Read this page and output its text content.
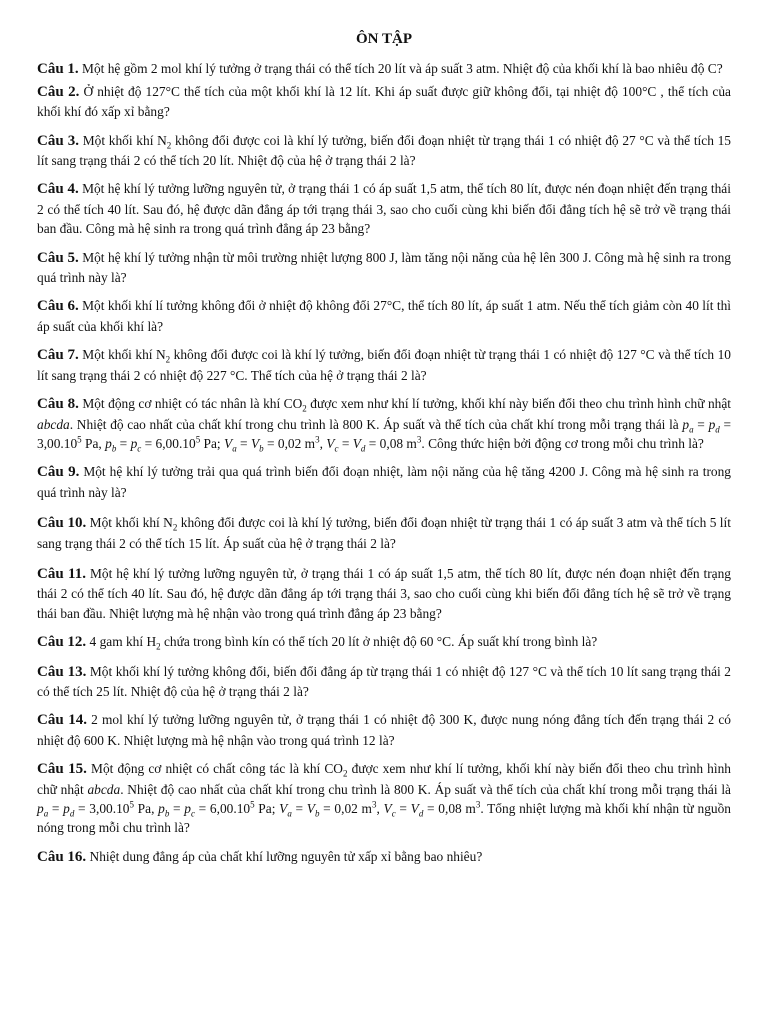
ÔN TẬP

Câu 1. Một hệ gồm 2 mol khí lý tưởng ở trạng thái có thể tích 20 lít và áp suất 3 atm. Nhiệt độ của khối khí là bao nhiêu độ C?

Câu 2. Ở nhiệt độ 127°C thể tích của một khối khí là 12 lít. Khi áp suất được giữ không đổi, tại nhiệt độ 100°C , thể tích của khối khí đó xấp xỉ bằng?

Câu 3. Một khối khí $N_2$ không đổi được coi là khí lý tưởng, biến đổi đoạn nhiệt từ trạng thái 1 có nhiệt độ 27 °C và thể tích 15 lít sang trạng thái 2 có thể tích 20 lít. Nhiệt độ của hệ ở trạng thái 2 là?

Câu 4. Một hệ khí lý tưởng lưỡng nguyên tử, ở trạng thái 1 có áp suất 1,5 atm, thể tích 80 lít, được nén đoạn nhiệt đến trạng thái 2 có thể tích 40 lít. Sau đó, hệ được dãn đẳng áp tới trạng thái 3, sao cho cuối cùng khi biến đổi đẳng tích hệ sẽ trở về trạng thái ban đầu. Công mà hệ sinh ra trong quá trình đẳng áp 23 bằng?

Câu 5. Một hệ khí lý tưởng nhận từ môi trường nhiệt lượng 800 J, làm tăng nội năng của hệ lên 300 J. Công mà hệ sinh ra trong quá trình này là?

Câu 6. Một khối khí lí tưởng không đổi ở nhiệt độ không đổi 27°C, thể tích 80 lít, áp suất 1 atm. Nếu thể tích giảm còn 40 lít thì áp suất của khối khí là?

Câu 7. Một khối khí $N_2$ không đổi được coi là khí lý tưởng, biến đổi đoạn nhiệt từ trạng thái 1 có nhiệt độ 127 °C và thể tích 10 lít sang trạng thái 2 có nhiệt độ 227 °C. Thể tích của hệ ở trạng thái 2 là?

Câu 8. Một động cơ nhiệt có tác nhân là khí $CO_2$ được xem như khí lí tưởng, khối khí này biến đổi theo chu trình hình chữ nhật abcda. Nhiệt độ cao nhất của chất khí trong chu trình là 800 K. Áp suất và thể tích của chất khí trong mỗi trạng thái là $p_a = p_d = 3,00.10^5$ Pa, $p_b = p_c = 6,00.10^5$ Pa; $V_a = V_b = 0,02$ $m^3$, $V_c = V_d = 0,08$ $m^3$. Công thức hiện bởi động cơ trong mỗi chu trình là?

Câu 9. Một hệ khí lý tưởng trải qua quá trình biến đổi đoạn nhiệt, làm nội năng của hệ tăng 4200 J. Công mà hệ sinh ra trong quá trình này là?

Câu 10. Một khối khí $N_2$ không đổi được coi là khí lý tưởng, biến đổi đoạn nhiệt từ trạng thái 1 có áp suất 3 atm và thể tích 5 lít sang trạng thái 2 có thể tích 15 lít. Áp suất của hệ ở trạng thái 2 là?

Câu 11. Một hệ khí lý tưởng lưỡng nguyên tử, ở trạng thái 1 có áp suất 1,5 atm, thể tích 80 lít, được nén đoạn nhiệt đến trạng thái 2 có thể tích 40 lít. Sau đó, hệ được dãn đẳng áp tới trạng thái 3, sao cho cuối cùng khi biến đổi đẳng tích hệ sẽ trở về trạng thái ban đầu. Nhiệt lượng mà hệ nhận vào trong quá trình đẳng áp 23 bằng?

Câu 12. 4 gam khí $H_2$ chứa trong bình kín có thể tích 20 lít ở nhiệt độ 60 °C. Áp suất khí trong bình là?

Câu 13. Một khối khí lý tưởng không đổi, biến đổi đẳng áp từ trạng thái 1 có nhiệt độ 127 °C và thể tích 10 lít sang trạng thái 2 có thể tích 25 lít. Nhiệt độ của hệ ở trạng thái 2 là?

Câu 14. 2 mol khí lý tưởng lưỡng nguyên tử, ở trạng thái 1 có nhiệt độ 300 K, được nung nóng đẳng tích đến trạng thái 2 có nhiệt độ 600 K. Nhiệt lượng mà hệ nhận vào trong quá trình 12 là?

Câu 15. Một động cơ nhiệt có chất công tác là khí $CO_2$ được xem như khí lí tưởng, khối khí này biến đổi theo chu trình hình chữ nhật abcda. Nhiệt độ cao nhất của chất khí trong chu trình là 800 K. Áp suất và thể tích của chất khí trong mỗi trạng thái là $p_a = p_d = 3,00.10^5$ Pa, $p_b = p_c = 6,00.10^5$ Pa; $V_a = V_b = 0,02$ $m^3$, $V_c = V_d = 0,08$ $m^3$. Tổng nhiệt lượng mà khối khí nhận từ nguồn nóng trong mỗi chu trình là?

Câu 16. Nhiệt dung đẳng áp của chất khí lưỡng nguyên tử xấp xỉ bằng bao nhiêu?
